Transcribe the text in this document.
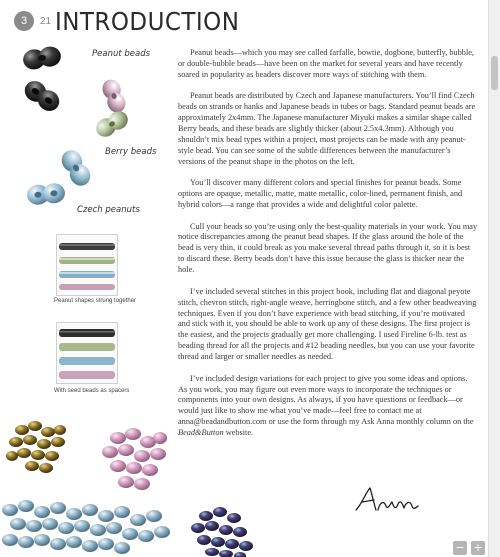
3	21 INTRODUCTION
Peanut beads
Berry beads
Czech peanuts
Peanut shapes strung together
With seed beads as spacers

Peanut beads—which you may see called farfalle, bowtie, dogbone, butterfly, bubble, or double-bubble beads—have been on the market for several years and have recently soared in popularity as beaders discover more ways of stitching with them.

Peanut beads are distributed by Czech and Japanese manufacturers. You’ll find Czech beads on strands or hanks and Japanese beads in tubes or bags. Standard peanut beads are approximately 2x4mm. The Japanese manufacturer Miyuki makes a similar shape called Berry beads, and these beads are slightly thicker (about 2.5x4.3mm). Although you shouldn’t mix bead types within a project, most projects can be made with any peanut-style bead. You can see some of the subtle differences between the manufacturer’s versions of the peanut shape in the photos on the left.

You’ll discover many different colors and special finishes for peanut beads. Some options are opaque, metallic, matte, matte metallic, color-lined, permanent finish, and hybrid colors—a range that provides a wide and delightful color palette.

Cull your beads so you’re using only the best-quality materials in your work. You may notice discrepancies among the peanut bead shapes. If the glass around the hole of the bead is very thin, it could break as you make several thread paths through it, so it is best to discard these. Berry beads don’t have this issue because the glass is thicker near the hole.

I’ve included several stitches in this project book, including flat and diagonal peyote stitch, chevron stitch, right-angle weave, herringbone stitch, and a few other beadweaving techniques. Even if you don’t have experience with bead stitching, if you’re motivated and stick with it, you should be able to work up any of these designs. The first project is the easiest, and the projects gradually get more challenging. I used Fireline 6-lb. test as beading thread for all the projects and #12 beading needles, but you can use your favorite thread and larger or smaller needles as needed.

I’ve included design variations for each project to give you some ideas and options. As you work, you may figure out even more ways to incorporate the techniques or components into your own designs. As always, if you have questions or feedback—or would just like to show me what you’ve made—feel free to contact me at anna@beadandbutton.com or use the form through my Ask Anna monthly column on the Bead&Button website.

− +
